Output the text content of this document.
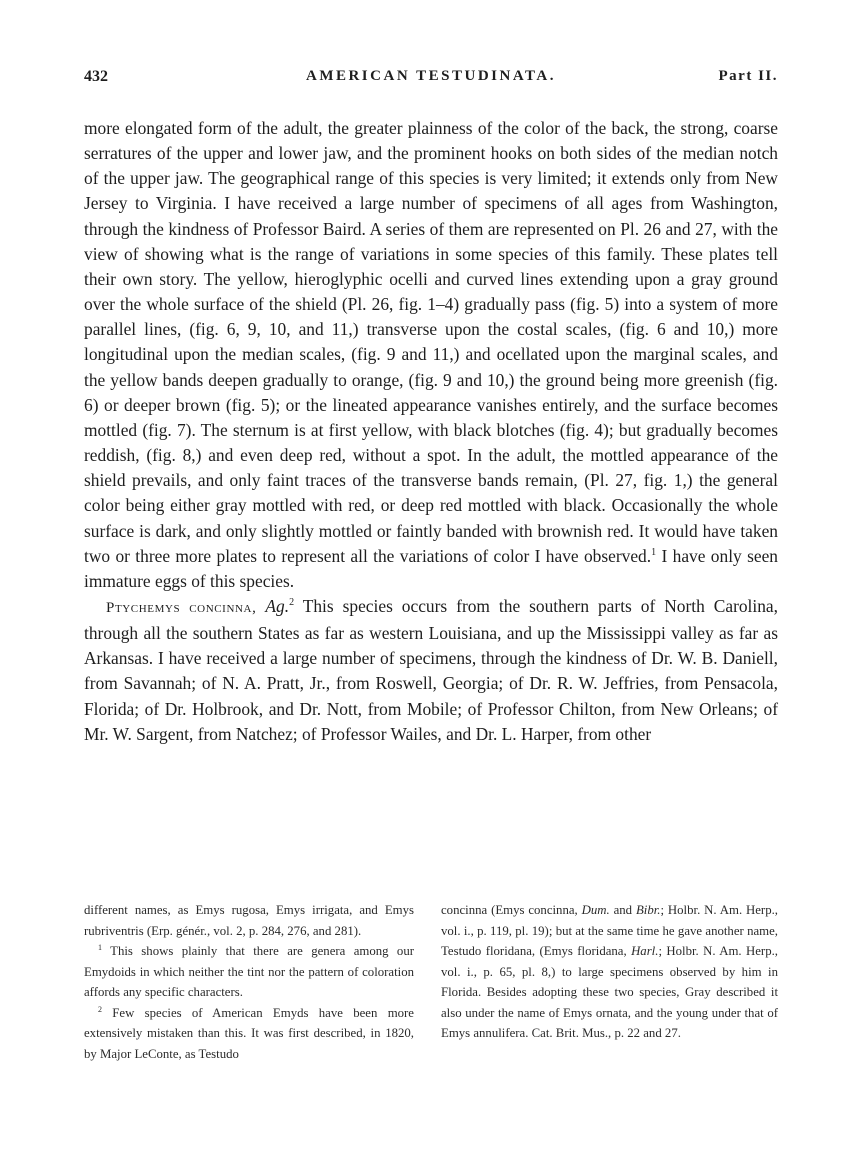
432	AMERICAN TESTUDINATA.	Part II.

more elongated form of the adult, the greater plainness of the color of the back, the strong, coarse serratures of the upper and lower jaw, and the prominent hooks on both sides of the median notch of the upper jaw. The geographical range of this species is very limited; it extends only from New Jersey to Virginia. I have received a large number of specimens of all ages from Washington, through the kindness of Professor Baird. A series of them are represented on Pl. 26 and 27, with the view of showing what is the range of variations in some species of this family. These plates tell their own story. The yellow, hieroglyphic ocelli and curved lines extending upon a gray ground over the whole surface of the shield (Pl. 26, fig. 1–4) gradually pass (fig. 5) into a system of more parallel lines, (fig. 6, 9, 10, and 11,) transverse upon the costal scales, (fig. 6 and 10,) more longitudinal upon the median scales, (fig. 9 and 11,) and ocellated upon the marginal scales, and the yellow bands deepen gradually to orange, (fig. 9 and 10,) the ground being more greenish (fig. 6) or deeper brown (fig. 5); or the lineated appearance vanishes entirely, and the surface becomes mottled (fig. 7). The sternum is at first yellow, with black blotches (fig. 4); but gradually becomes reddish, (fig. 8,) and even deep red, without a spot. In the adult, the mottled appearance of the shield prevails, and only faint traces of the transverse bands remain, (Pl. 27, fig. 1,) the general color being either gray mottled with red, or deep red mottled with black. Occasionally the whole surface is dark, and only slightly mottled or faintly banded with brownish red. It would have taken two or three more plates to represent all the variations of color I have observed.$^1$ I have only seen immature eggs of this species.

Ptychemys concinna, Ag.$^2$ This species occurs from the southern parts of North Carolina, through all the southern States as far as western Louisiana, and up the Mississippi valley as far as Arkansas. I have received a large number of specimens, through the kindness of Dr. W. B. Daniell, from Savannah; of N. A. Pratt, Jr., from Roswell, Georgia; of Dr. R. W. Jeffries, from Pensacola, Florida; of Dr. Holbrook, and Dr. Nott, from Mobile; of Professor Chilton, from New Orleans; of Mr. W. Sargent, from Natchez; of Professor Wailes, and Dr. L. Harper, from other

different names, as Emys rugosa, Emys irrigata, and Emys rubriventris (Erp. génér., vol. 2, p. 284, 276, and 281).

$^1$ This shows plainly that there are genera among our Emydoids in which neither the tint nor the pattern of coloration affords any specific characters.

$^2$ Few species of American Emyds have been more extensively mistaken than this. It was first described, in 1820, by Major LeConte, as Testudo

concinna (Emys concinna, Dum. and Bibr.; Holbr. N. Am. Herp., vol. i., p. 119, pl. 19); but at the same time he gave another name, Testudo floridana, (Emys floridana, Harl.; Holbr. N. Am. Herp., vol. i., p. 65, pl. 8,) to large specimens observed by him in Florida. Besides adopting these two species, Gray described it also under the name of Emys ornata, and the young under that of Emys annulifera. Cat. Brit. Mus., p. 22 and 27.
